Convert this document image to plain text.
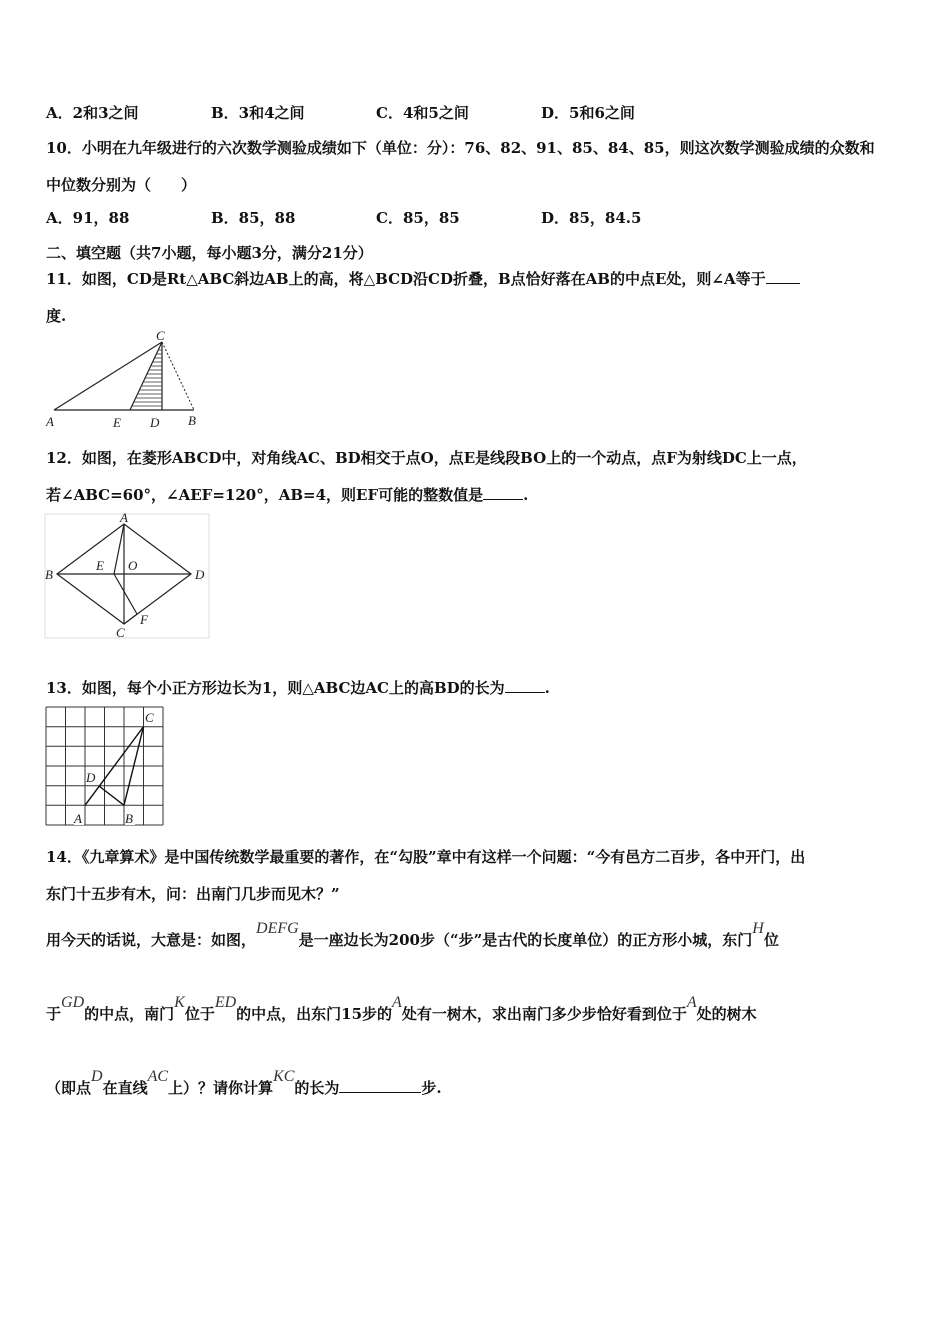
A．2和3之间	B．3和4之间	C．4和5之间	D．5和6之间
10．小明在九年级进行的六次数学测验成绩如下（单位：分）：76、82、91、85、84、85，则这次数学测验成绩的众数和
中位数分别为（　　）
A．91，88	B．85，88	C．85，85	D．85，84.5
二、填空题（共7小题，每小题3分，满分21分）
11．如图，CD是Rt△ABC斜边AB上的高，将△BCD沿CD折叠，B点恰好落在AB的中点E处，则∠A等于
度.
A	E D B
C
12．如图，在菱形ABCD中，对角线AC、BD相交于点O，点E是线段BO上的一个动点，点F为射线DC上一点，
若∠ABC=60°，∠AEF=120°，AB=4，则EF可能的整数值是	.
A
B	D
E O
C
F
13．如图，每个小正方形边长为1，则△ABC边AC上的高BD的长为	.
A	B
C
D
14．《九章算术》是中国传统数学最重要的著作，在“勾股”章中有这样一个问题：“今有邑方二百步，各中开门，出
东门十五步有木，问：出南门几步而见木？”
用今天的话说，大意是：如图，DEFG是一座边长为200步（“步”是古代的长度单位）的正方形小城，东门H位
于GD的中点，南门K位于ED的中点，出东门15步的A处有一树木，求出南门多少步恰好看到位于A处的树木
（即点D在直线AC上）？请你计算KC的长为	步.
